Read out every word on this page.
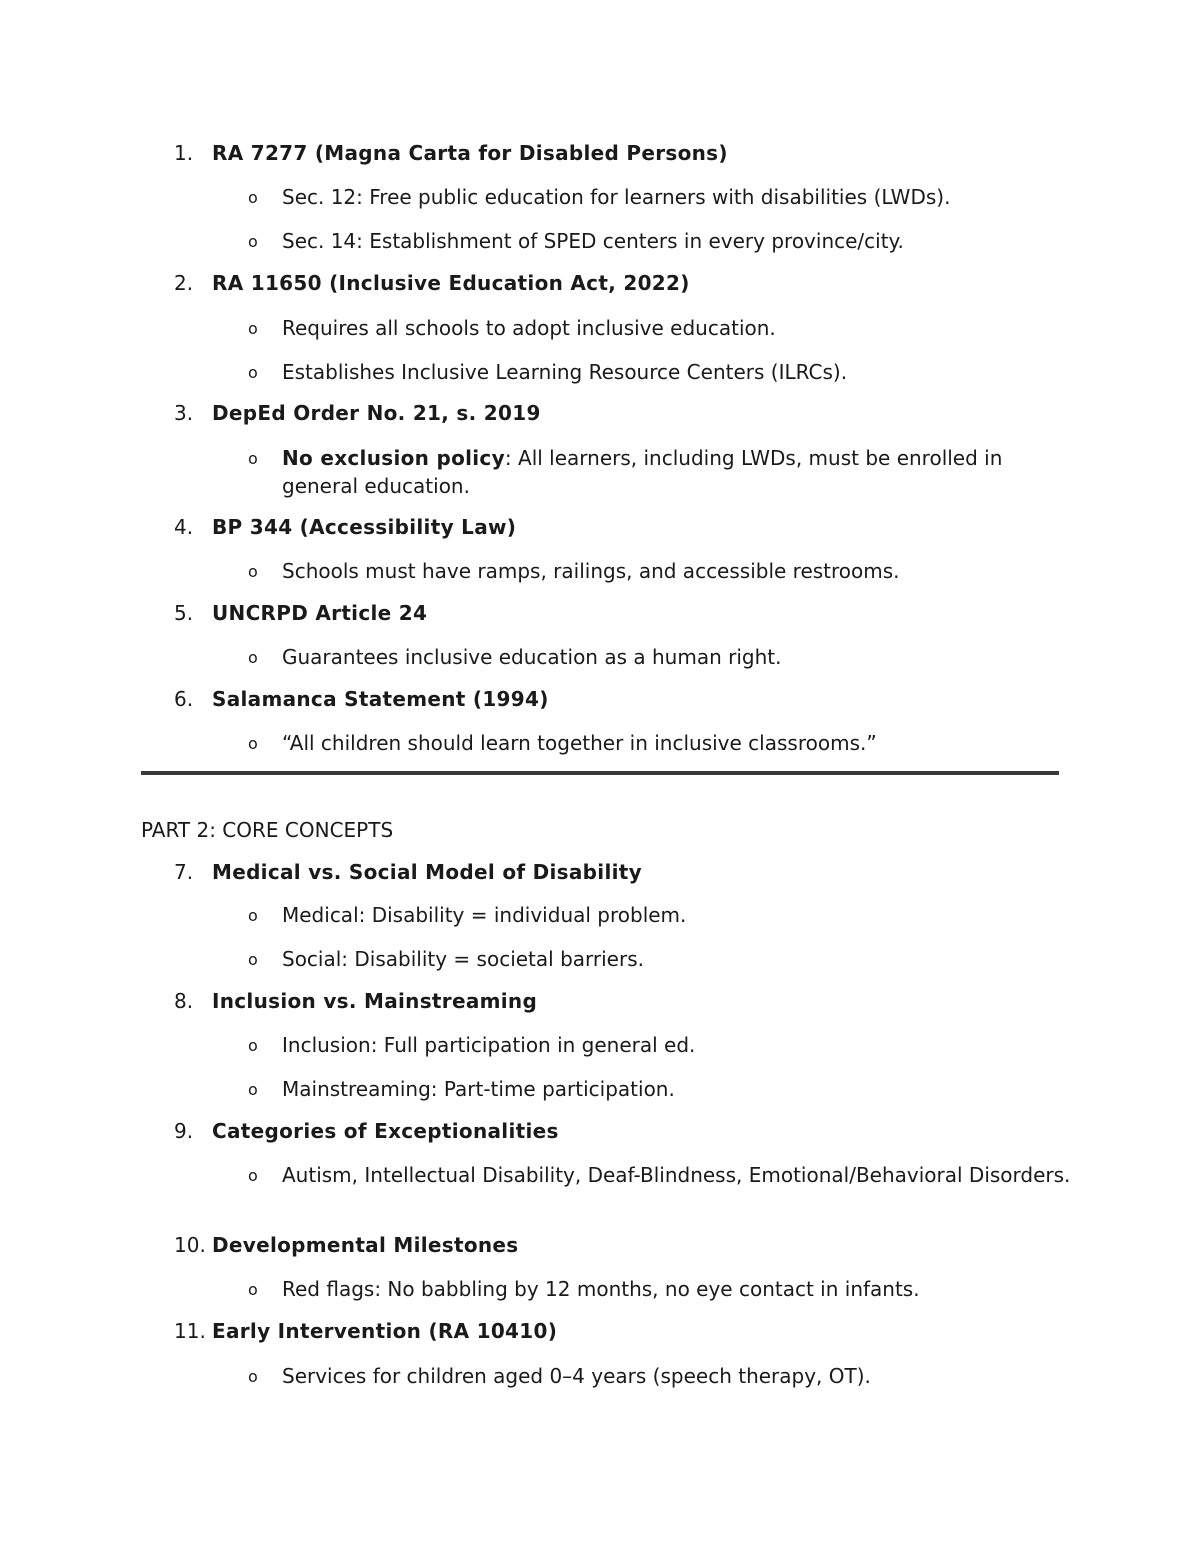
1. RA 7277 (Magna Carta for Disabled Persons)
o Sec. 12: Free public education for learners with disabilities (LWDs).
o Sec. 14: Establishment of SPED centers in every province/city.
2. RA 11650 (Inclusive Education Act, 2022)
o Requires all schools to adopt inclusive education.
o Establishes Inclusive Learning Resource Centers (ILRCs).
3. DepEd Order No. 21, s. 2019
o No exclusion policy: All learners, including LWDs, must be enrolled in general education.
4. BP 344 (Accessibility Law)
o Schools must have ramps, railings, and accessible restrooms.
5. UNCRPD Article 24
o Guarantees inclusive education as a human right.
6. Salamanca Statement (1994)
o “All children should learn together in inclusive classrooms.”
PART 2: CORE CONCEPTS
7. Medical vs. Social Model of Disability
o Medical: Disability = individual problem.
o Social: Disability = societal barriers.
8. Inclusion vs. Mainstreaming
o Inclusion: Full participation in general ed.
o Mainstreaming: Part-time participation.
9. Categories of Exceptionalities
o Autism, Intellectual Disability, Deaf-Blindness, Emotional/Behavioral Disorders.
10. Developmental Milestones
o Red flags: No babbling by 12 months, no eye contact in infants.
11. Early Intervention (RA 10410)
o Services for children aged 0–4 years (speech therapy, OT).
